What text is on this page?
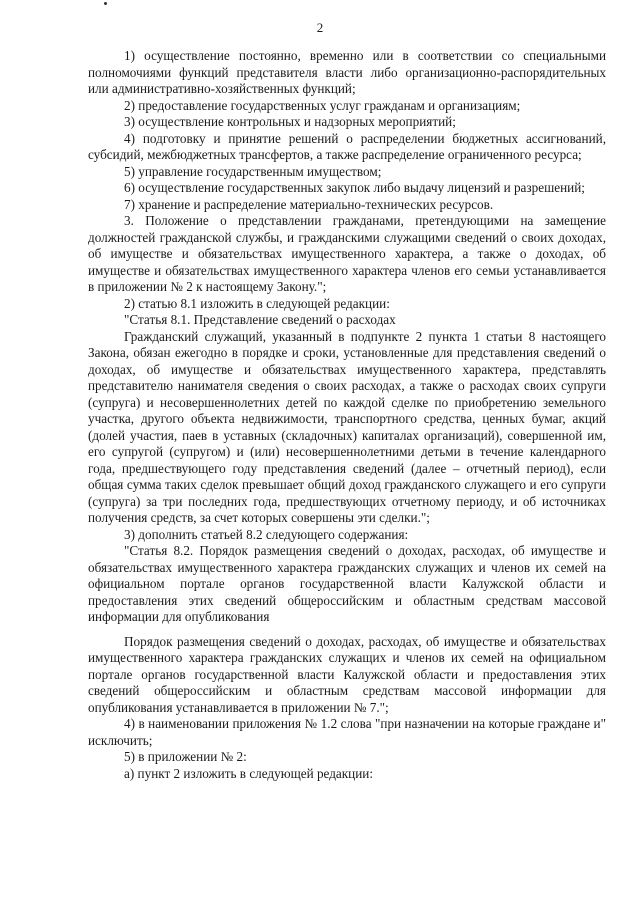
2

1) осуществление постоянно, временно или в соответствии со специальными полномочиями функций представителя власти либо организационно-распорядительных или административно-хозяйственных функций;

2) предоставление государственных услуг гражданам и организациям;

3) осуществление контрольных и надзорных мероприятий;

4) подготовку и принятие решений о распределении бюджетных ассигнований, субсидий, межбюджетных трансфертов, а также распределение ограниченного ресурса;

5) управление государственным имуществом;

6) осуществление государственных закупок либо выдачу лицензий и разрешений;

7) хранение и распределение материально-технических ресурсов.

3. Положение о представлении гражданами, претендующими на замещение должностей гражданской службы, и гражданскими служащими сведений о своих доходах, об имуществе и обязательствах имущественного характера, а также о доходах, об имуществе и обязательствах имущественного характера членов его семьи устанавливается в приложении № 2 к настоящему Закону.";

2) статью 8.1 изложить в следующей редакции:

"Статья 8.1. Представление сведений о расходах

Гражданский служащий, указанный в подпункте 2 пункта 1 статьи 8 настоящего Закона, обязан ежегодно в порядке и сроки, установленные для представления сведений о доходах, об имуществе и обязательствах имущественного характера, представлять представителю нанимателя сведения о своих расходах, а также о расходах своих супруги (супруга) и несовершеннолетних детей по каждой сделке по приобретению земельного участка, другого объекта недвижимости, транспортного средства, ценных бумаг, акций (долей участия, паев в уставных (складочных) капиталах организаций), совершенной им, его супругой (супругом) и (или) несовершеннолетними детьми в течение календарного года, предшествующего году представления сведений (далее – отчетный период), если общая сумма таких сделок превышает общий доход гражданского служащего и его супруги (супруга) за три последних года, предшествующих отчетному периоду, и об источниках получения средств, за счет которых совершены эти сделки.";

3) дополнить статьей 8.2 следующего содержания:

"Статья 8.2. Порядок размещения сведений о доходах, расходах, об имуществе и обязательствах имущественного характера гражданских служащих и членов их семей на официальном портале органов государственной власти Калужской области и предоставления этих сведений общероссийским и областным средствам массовой информации для опубликования

Порядок размещения сведений о доходах, расходах, об имуществе и обязательствах имущественного характера гражданских служащих и членов их семей на официальном портале органов государственной власти Калужской области и предоставления этих сведений общероссийским и областным средствам массовой информации для опубликования устанавливается в приложении № 7.";

4) в наименовании приложения № 1.2 слова "при назначении на которые граждане и" исключить;

5) в приложении № 2:

а) пункт 2 изложить в следующей редакции:
